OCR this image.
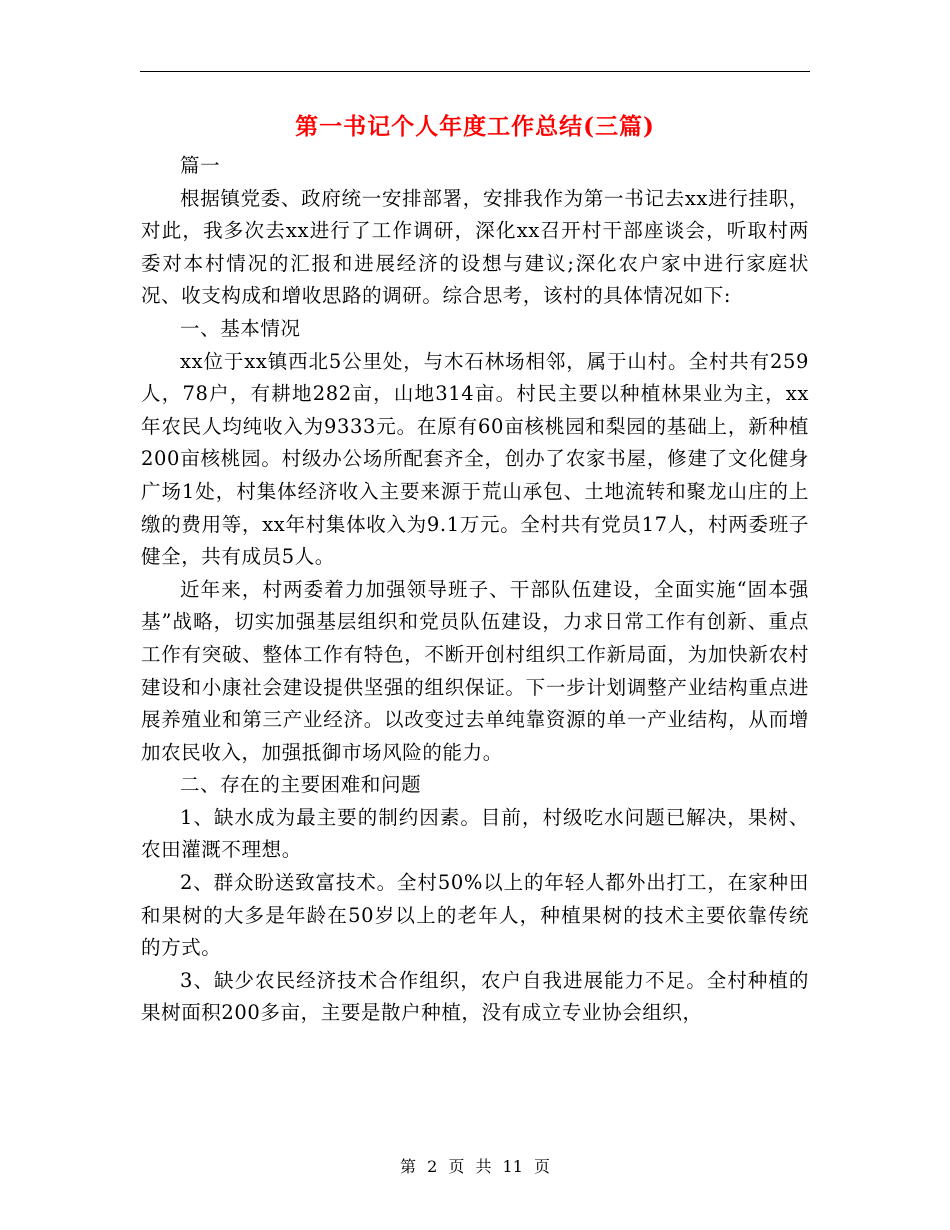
第一书记个人年度工作总结(三篇)

篇一

根据镇党委、政府统一安排部署，安排我作为第一书记去xx进行挂职，对此，我多次去xx进行了工作调研，深化xx召开村干部座谈会，听取村两委对本村情况的汇报和进展经济的设想与建议;深化农户家中进行家庭状况、收支构成和增收思路的调研。综合思考，该村的具体情况如下:

一、基本情况

xx位于xx镇西北5公里处，与木石林场相邻，属于山村。全村共有259人，78户，有耕地282亩，山地314亩。村民主要以种植林果业为主，xx年农民人均纯收入为9333元。在原有60亩核桃园和梨园的基础上，新种植200亩核桃园。村级办公场所配套齐全，创办了农家书屋，修建了文化健身广场1处，村集体经济收入主要来源于荒山承包、土地流转和聚龙山庄的上缴的费用等，xx年村集体收入为9.1万元。全村共有党员17人，村两委班子健全，共有成员5人。

近年来，村两委着力加强领导班子、干部队伍建设，全面实施“固本强基”战略，切实加强基层组织和党员队伍建设，力求日常工作有创新、重点工作有突破、整体工作有特色，不断开创村组织工作新局面，为加快新农村建设和小康社会建设提供坚强的组织保证。下一步计划调整产业结构重点进展养殖业和第三产业经济。以改变过去单纯靠资源的单一产业结构，从而增加农民收入，加强抵御市场风险的能力。

二、存在的主要困难和问题

1、缺水成为最主要的制约因素。目前，村级吃水问题已解决，果树、农田灌溉不理想。

2、群众盼送致富技术。全村50%以上的年轻人都外出打工，在家种田和果树的大多是年龄在50岁以上的老年人，种植果树的技术主要依靠传统的方式。

3、缺少农民经济技术合作组织，农户自我进展能力不足。全村种植的果树面积200多亩，主要是散户种植，没有成立专业协会组织，

第 2 页 共 11 页
